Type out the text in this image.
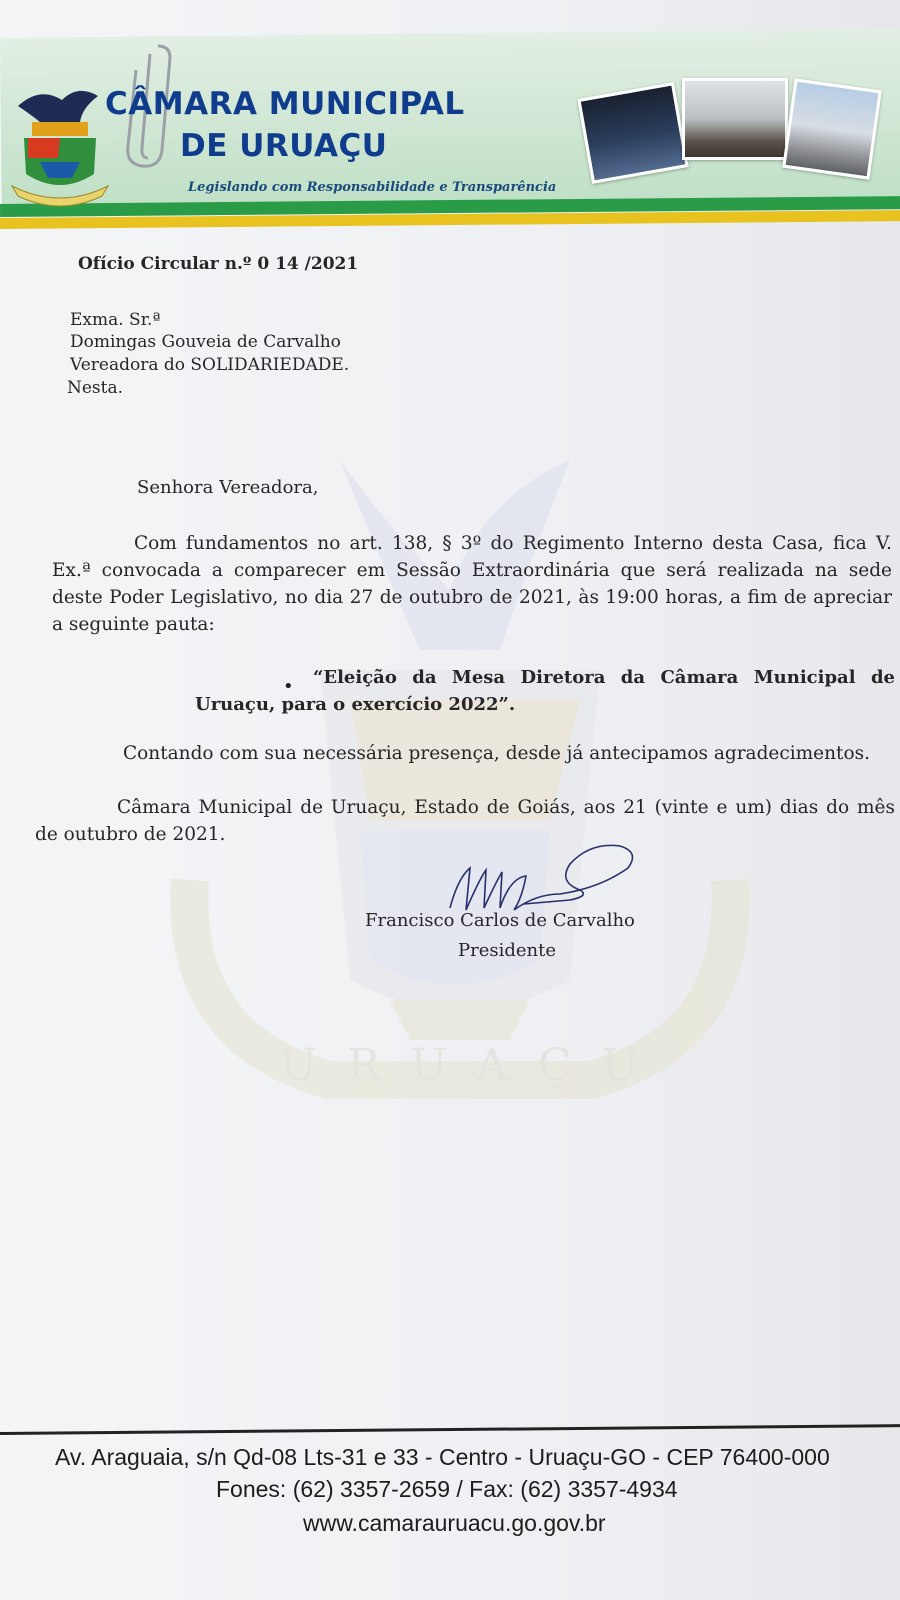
URUAÇU
CÂMARA MUNICIPAL
DE URUAÇU
Legislando com Responsabilidade e Transparência
Ofício Circular n.º 0 14 /2021
Exma. Sr.ª
Domingas Gouveia de Carvalho
Vereadora do SOLIDARIEDADE.
Nesta.
Senhora Vereadora,
Com fundamentos no art. 138, § 3º do Regimento Interno desta Casa, fica V. Ex.ª convocada a comparecer em Sessão Extraordinária que será realizada na sede deste Poder Legislativo, no dia 27 de outubro de 2021, às 19:00 horas, a fim de apreciar a seguinte pauta:
•	“Eleição da Mesa Diretora da Câmara Municipal de Uruaçu, para o exercício 2022”.
Contando com sua necessária presença, desde já antecipamos agradecimentos.
Câmara Municipal de Uruaçu, Estado de Goiás, aos 21 (vinte e um) dias do mês de outubro de 2021.
Francisco Carlos de Carvalho
Presidente
Av. Araguaia, s/n Qd-08 Lts-31 e 33 - Centro - Uruaçu-GO - CEP 76400-000
Fones: (62) 3357-2659 / Fax: (62) 3357-4934
www.camarauruacu.go.gov.br
